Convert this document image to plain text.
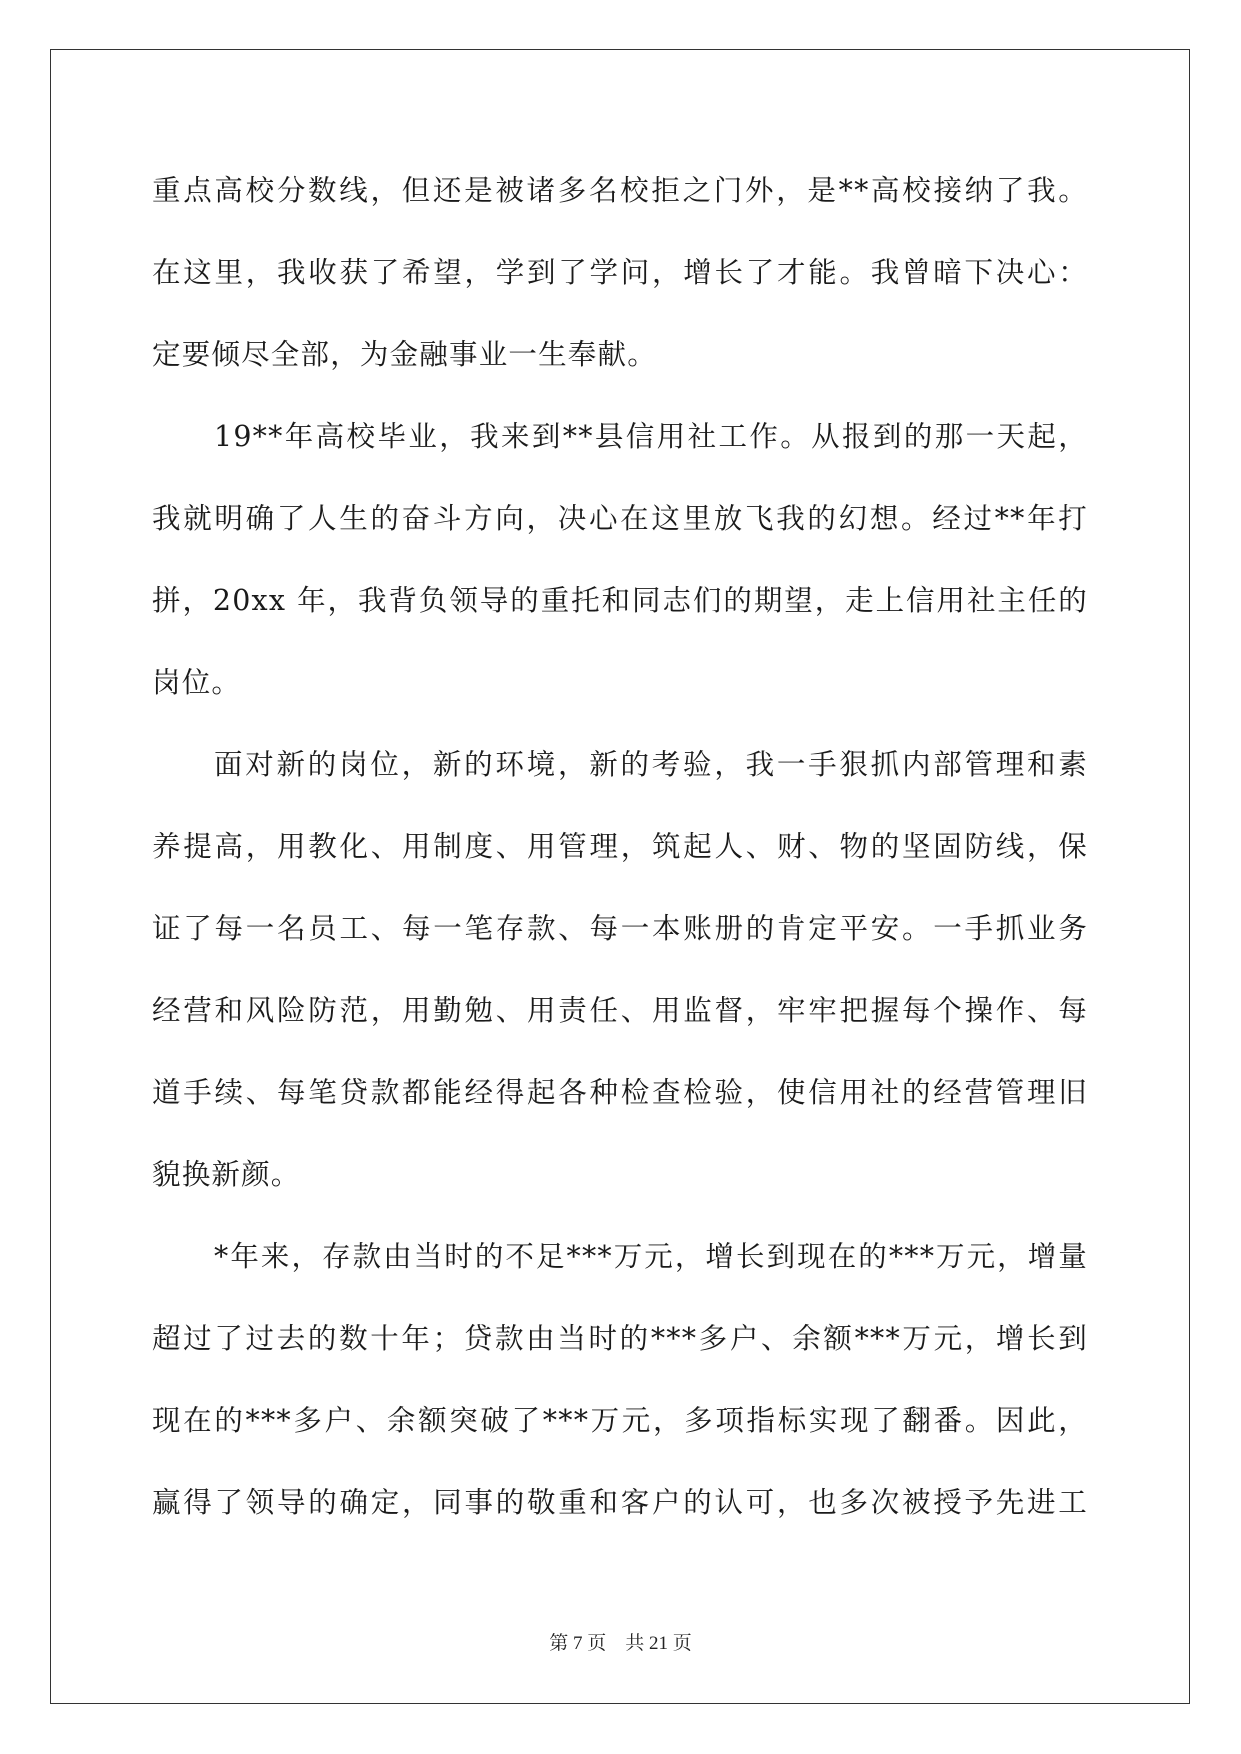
重点高校分数线，但还是被诸多名校拒之门外，是**高校接纳了我。
在这里，我收获了希望，学到了学问，增长了才能。我曾暗下决心：
定要倾尽全部，为金融事业一生奉献。
19**年高校毕业，我来到**县信用社工作。从报到的那一天起，
我就明确了人生的奋斗方向，决心在这里放飞我的幻想。经过**年打
拼，20xx 年，我背负领导的重托和同志们的期望，走上信用社主任的
岗位。
面对新的岗位，新的环境，新的考验，我一手狠抓内部管理和素
养提高，用教化、用制度、用管理，筑起人、财、物的坚固防线，保
证了每一名员工、每一笔存款、每一本账册的肯定平安。一手抓业务
经营和风险防范，用勤勉、用责任、用监督，牢牢把握每个操作、每
道手续、每笔贷款都能经得起各种检查检验，使信用社的经营管理旧
貌换新颜。
*年来，存款由当时的不足***万元，增长到现在的***万元，增量
超过了过去的数十年；贷款由当时的***多户、余额***万元，增长到
现在的***多户、余额突破了***万元，多项指标实现了翻番。因此，
赢得了领导的确定，同事的敬重和客户的认可，也多次被授予先进工
第 7 页 共 21 页
